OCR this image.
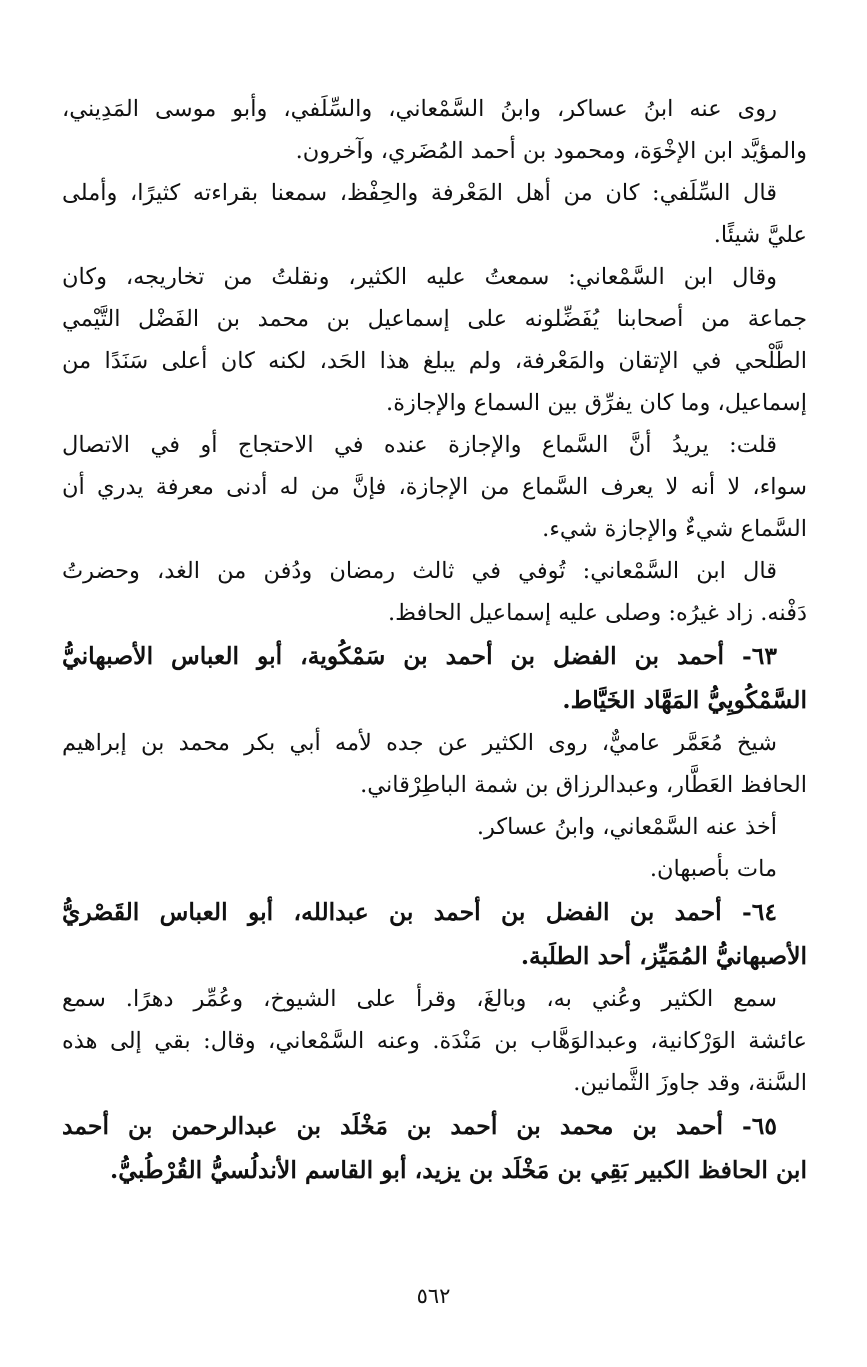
روى عنه ابنُ عساكر، وابنُ السَّمْعاني، والسِّلَفي، وأبو موسى المَدِيني،
والمؤيَّد ابن الإخْوَة، ومحمود بن أحمد المُضَري، وآخرون.
قال السِّلَفي: كان من أهل المَعْرفة والحِفْظ، سمعنا بقراءته كثيرًا، وأملى
عليَّ شيئًا.
وقال ابن السَّمْعاني: سمعتُ عليه الكثير، ونقلتُ من تخاريجه، وكان
جماعة من أصحابنا يُفَضِّلونه على إسماعيل بن محمد بن الفَضْل التَّيْمي
الطَّلْحي في الإتقان والمَعْرفة، ولم يبلغ هذا الحَد، لكنه كان أعلى سَنَدًا من
إسماعيل، وما كان يفرِّق بين السماع والإجازة.
قلت: يريدُ أنَّ السَّماع والإجازة عنده في الاحتجاج أو في الاتصال
سواء، لا أنه لا يعرف السَّماع من الإجازة، فإنَّ من له أدنى معرفة يدري أن
السَّماع شيءٌ والإجازة شيء.
قال ابن السَّمْعاني: تُوفي في ثالث رمضان ودُفن من الغد، وحضرتُ
دَفْنه. زاد غيرُه: وصلى عليه إسماعيل الحافظ.
٦٣- أحمد بن الفضل بن أحمد بن سَمْكُوية، أبو العباس الأصبهانيُّ
السَّمْكُويِيُّ المَهَّاد الخَيَّاط.
شيخ مُعَمَّر عاميٌّ، روى الكثير عن جده لأمه أبي بكر محمد بن إبراهيم
الحافظ العَطَّار، وعبدالرزاق بن شمة الباطِرْقاني.
أخذ عنه السَّمْعاني، وابنُ عساكر.
مات بأصبهان.
٦٤- أحمد بن الفضل بن أحمد بن عبدالله، أبو العباس القَصْريُّ
الأصبهانيُّ المُمَيِّز، أحد الطلَبة.
سمع الكثير وعُني به، وبالغَ، وقرأ على الشيوخ، وعُمِّر دهرًا. سمع
عائشة الوَرْكانية، وعبدالوَهَّاب بن مَنْدَة. وعنه السَّمْعاني، وقال: بقي إلى هذه
السَّنة، وقد جاوزَ الثَّمانين.
٦٥- أحمد بن محمد بن أحمد بن مَخْلَد بن عبدالرحمن بن أحمد
ابن الحافظ الكبير بَقِي بن مَخْلَد بن يزيد، أبو القاسم الأندلُسيُّ القُرْطُبيُّ.
٥٦٢
